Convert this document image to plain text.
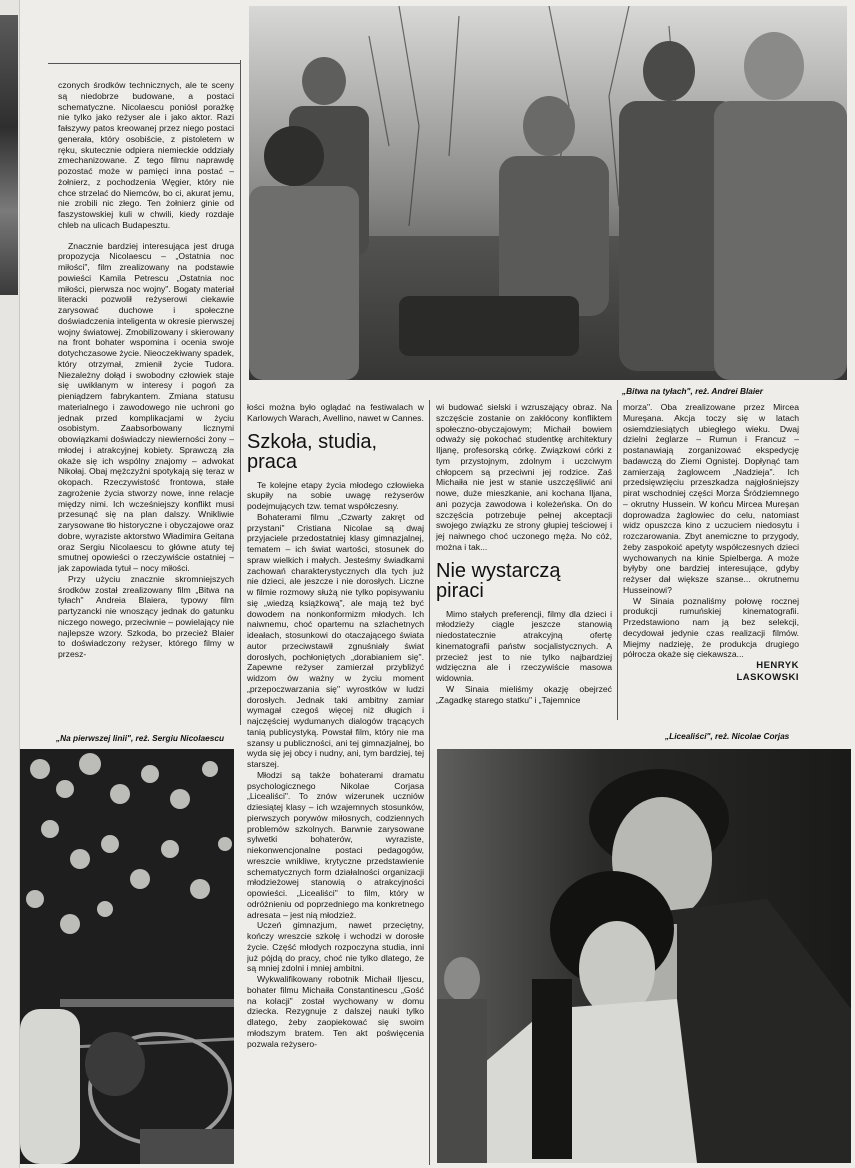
„Bitwa na tyłach", reż. Andrei Blaier

czonych środków technicznych, ale te sceny są niedobrze budowane, a postaci schematyczne. Nicolaescu poniósł porażkę nie tylko jako reżyser ale i jako aktor. Razi fałszywy patos kreowanej przez niego postaci generała, który osobiście, z pistoletem w ręku, skutecznie odpiera niemieckie oddziały zmechanizowane. Z tego filmu naprawdę pozostać może w pamięci inna postać – żołnierz, z pochodzenia Węgier, który nie chce strzelać do Niemców, bo ci, akurat jemu, nie zrobili nic złego. Ten żołnierz ginie od faszystowskiej kuli w chwili, kiedy rozdaje chleb na ulicach Budapesztu.

Znacznie bardziej interesująca jest druga propozycja Nicolaescu – „Ostatnia noc miłości", film zrealizowany na podstawie powieści Kamila Petrescu „Ostatnia noc miłości, pierwsza noc wojny". Bogaty materiał literacki pozwolił reżyserowi ciekawie zarysować duchowe i społeczne doświadczenia inteligenta w okresie pierwszej wojny światowej. Zmobilizowany i skierowany na front bohater wspomina i ocenia swoje dotychczasowe życie. Nieoczekiwany spadek, który otrzymał, zmienił życie Tudora. Niezależny dołąd i swobodny człowiek staje się uwikłanym w interesy i pogoń za pieniądzem fabrykantem. Zmiana statusu materialnego i zawodowego nie uchroni go jednak przed komplikacjami w życiu osobistym. Zaabsorbowany licznymi obowiązkami doświadczy niewierności żony – młodej i atrakcyjnej kobiety. Sprawczą zła okaże się ich wspólny znajomy – adwokat Nikołaj. Obaj mężczyźni spotykają się teraz w okopach. Rzeczywistość frontowa, stałe zagrożenie życia stworzy nowe, inne relacje między nimi. Ich wcześniejszy konflikt musi przesunąć się na plan dalszy. Wnikliwie zarysowane tło historyczne i obyczajowe oraz dobre, wyraziste aktorstwo Władimira Geitana oraz Sergiu Nicolaescu to główne atuty tej smutnej opowieści o rzeczywiście ostatniej – jak zapowiada tytuł – nocy miłości.

Przy użyciu znacznie skromniejszych środków został zrealizowany film „Bitwa na tyłach" Andreia Blaiera, typowy film partyzancki nie wnoszący jednak do gatunku niczego nowego, przeciwnie – powielający nie najlepsze wzory. Szkoda, bo przecież Blaier to doświadczony reżyser, którego filmy w przesz-

„Na pierwszej linii", reż. Sergiu Nicolaescu

łości można było oglądać na festiwalach w Karlowych Warach, Avellino, nawet w Cannes.

Szkoła, studia, praca

Te kolejne etapy życia młodego człowieka skupiły na sobie uwagę reżyserów podejmujących tzw. temat współczesny.

Bohaterami filmu „Czwarty zakręt od przystani" Cristiana Nicolae są dwaj przyjaciele przedostatniej klasy gimnazjalnej, tematem – ich świat wartości, stosunek do spraw wielkich i małych. Jesteśmy świadkami zachowań charakterystycznych dla tych już nie dzieci, ale jeszcze i nie dorosłych. Liczne w filmie rozmowy służą nie tylko popisywaniu się „wiedzą książkową", ale mają też być dowodem na nonkonformizm młodych. Ich naiwnemu, choć opartemu na szlachetnych ideałach, stosunkowi do otaczającego świata autor przeciwstawił zgnuśniały świat dorosłych, pochłoniętych „dorabianiem się". Zapewne reżyser zamierzał przybliżyć widzom ów ważny w życiu moment „przepoczwarzania się" wyrostków w ludzi dorosłych. Jednak taki ambitny zamiar wymagał czegoś więcej niż długich i najczęściej wydumanych dialogów trącących tanią publicystyką. Powstał film, który nie ma szansy u publiczności, ani tej gimnazjalnej, bo wyda się jej obcy i nudny, ani, tym bardziej, tej starszej.

Młodzi są także bohaterami dramatu psychologicznego Nikolae Corjasa „Licealiści". To znów wizerunek uczniów dziesiątej klasy – ich wzajemnych stosunków, pierwszych porywów miłosnych, codziennych problemów szkolnych. Barwnie zarysowane sylwetki bohaterów, wyraziste, niekonwencjonalne postaci pedagogów, wreszcie wnikliwe, krytyczne przedstawienie schematycznych form działalności organizacji młodzieżowej stanowią o atrakcyjności opowieści. „Licealiści" to film, który w odróżnieniu od poprzedniego ma konkretnego adresata – jest nią młodzież.

Uczeń gimnazjum, nawet przeciętny, kończy wreszcie szkołę i wchodzi w dorosłe życie. Część młodych rozpoczyna studia, inni już pójdą do pracy, choć nie tylko dlatego, że są mniej zdolni i mniej ambitni.

Wykwalifikowany robotnik Michaił Iljescu, bohater filmu Michaiła Constantinescu „Gość na kolacji" został wychowany w domu dziecka. Rezygnuje z dalszej nauki tylko dlatego, żeby zaopiekować się swoim młodszym bratem. Ten akt poświęcenia pozwala reżysero-

wi budować sielski i wzruszający obraz. Na szczęście zostanie on zakłócony konfliktem społeczno-obyczajowym; Michaił bowiem odważy się pokochać studentkę architektury Iljanę, profesorską córkę. Związkowi córki z tym przystojnym, zdolnym i uczciwym chłopcem są przeciwni jej rodzice. Zaś Michaiła nie jest w stanie uszczęśliwić ani nowe, duże mieszkanie, ani kochana Iljana, ani pozycja zawodowa i koleżeńska. On do szczęścia potrzebuje pełnej akceptacji swojego związku ze strony głupiej teściowej i jej naiwnego choć uczonego męża. No cóż, można i tak...

Nie wystarczą piraci

Mimo stałych preferencji, filmy dla dzieci i młodzieży ciągle jeszcze stanowią niedostatecznie atrakcyjną ofertę kinematografii państw socjalistycznych. A przecież jest to nie tylko najbardziej wdzięczna ale i rzeczywiście masowa widownia.

W Sinaia mieliśmy okazję obejrzeć „Zagadkę starego statku" i „Tajemnice

morza". Oba zrealizowane przez Mircea Mureşana. Akcja toczy się w latach osiemdziesiątych ubiegłego wieku. Dwaj dzielni żeglarze – Rumun i Francuz – postanawiają zorganizować ekspedycję badawczą do Ziemi Ognistej. Dopłynąć tam zamierzają żaglowcem „Nadzieja". Ich przedsięwzięciu przeszkadza najgłośniejszy pirat wschodniej części Morza Śródziemnego – okrutny Hussein. W końcu Mircea Mureşan doprowadza żaglowiec do celu, natomiast widz opuszcza kino z uczuciem niedosytu i rozczarowania. Zbyt anemiczne to przygody, żeby zaspokoić apetyty współczesnych dzieci wychowanych na kinie Spielberga. A może byłyby one bardziej interesujące, gdyby reżyser dał większe szanse... okrutnemu Husseinowi?

W Sinaia poznaliśmy połowę rocznej produkcji rumuńskiej kinematografii. Przedstawiono nam ją bez selekcji, decydował jedynie czas realizacji filmów. Miejmy nadzieję, że produkcja drugiego półrocza okaże się ciekawsza...

HENRYK
LASKOWSKI

„Licealiści", reż. Nicolae Corjas
